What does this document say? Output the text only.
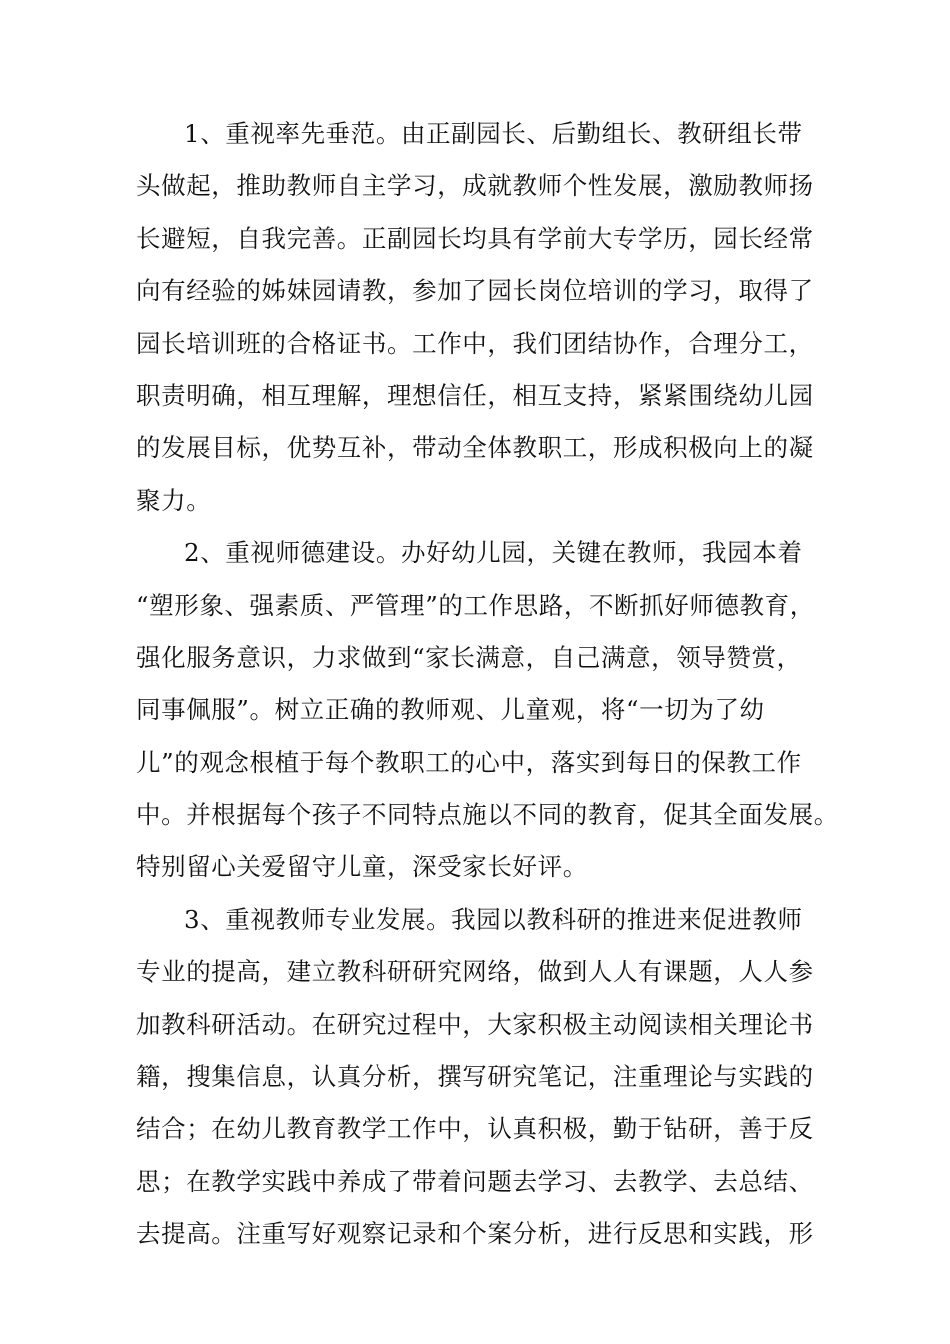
1、重视率先垂范。由正副园长、后勤组长、教研组长带
头做起，推助教师自主学习，成就教师个性发展，激励教师扬
长避短，自我完善。正副园长均具有学前大专学历，园长经常
向有经验的姊妹园请教，参加了园长岗位培训的学习，取得了
园长培训班的合格证书。工作中，我们团结协作，合理分工，
职责明确，相互理解，理想信任，相互支持，紧紧围绕幼儿园
的发展目标，优势互补，带动全体教职工，形成积极向上的凝
聚力。
2、重视师德建设。办好幼儿园，关键在教师，我园本着
“塑形象、强素质、严管理”的工作思路，不断抓好师德教育，
强化服务意识，力求做到“家长满意，自己满意，领导赞赏，
同事佩服”。树立正确的教师观、儿童观，将“一切为了幼
儿”的观念根植于每个教职工的心中，落实到每日的保教工作
中。并根据每个孩子不同特点施以不同的教育，促其全面发展。
特别留心关爱留守儿童，深受家长好评。
3、重视教师专业发展。我园以教科研的推进来促进教师
专业的提高，建立教科研研究网络，做到人人有课题，人人参
加教科研活动。在研究过程中，大家积极主动阅读相关理论书
籍，搜集信息，认真分析，撰写研究笔记，注重理论与实践的
结合；在幼儿教育教学工作中，认真积极，勤于钻研，善于反
思；在教学实践中养成了带着问题去学习、去教学、去总结、
去提高。注重写好观察记录和个案分析，进行反思和实践，形
